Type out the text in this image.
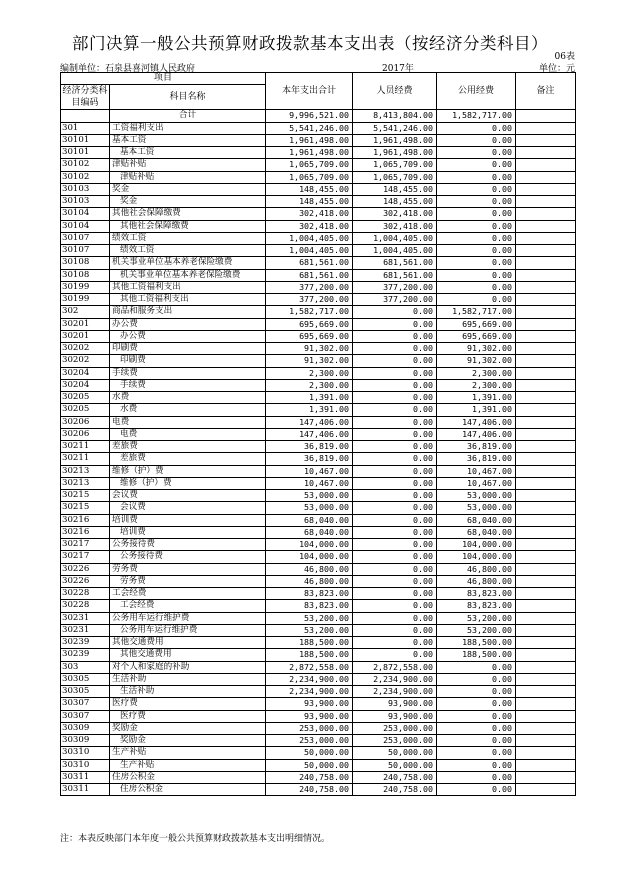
部门决算一般公共预算财政拨款基本支出表（按经济分类科目）
06表
编制单位：石泉县喜河镇人民政府	2017年	单位：元
项目		本年支出合计	人员经费	公用经费	备注
经济分类科目编码	科目名称				

	合计	9,996,521.00	8,413,804.00	1,582,717.00	
301	工资福利支出	5,541,246.00	5,541,246.00	0.00	
30101	基本工资	1,961,498.00	1,961,498.00	0.00	
30101	基本工资	1,961,498.00	1,961,498.00	0.00	
30102	津贴补贴	1,065,709.00	1,065,709.00	0.00	
30102	津贴补贴	1,065,709.00	1,065,709.00	0.00	
30103	奖金	148,455.00	148,455.00	0.00	
30103	奖金	148,455.00	148,455.00	0.00	
30104	其他社会保障缴费	302,418.00	302,418.00	0.00	
30104	其他社会保障缴费	302,418.00	302,418.00	0.00	
30107	绩效工资	1,004,405.00	1,004,405.00	0.00	
30107	绩效工资	1,004,405.00	1,004,405.00	0.00	
30108	机关事业单位基本养老保险缴费	681,561.00	681,561.00	0.00	
30108	机关事业单位基本养老保险缴费	681,561.00	681,561.00	0.00	
30199	其他工资福利支出	377,200.00	377,200.00	0.00	
30199	其他工资福利支出	377,200.00	377,200.00	0.00	
302	商品和服务支出	1,582,717.00	0.00	1,582,717.00	
30201	办公费	695,669.00	0.00	695,669.00	
30201	办公费	695,669.00	0.00	695,669.00	
30202	印刷费	91,302.00	0.00	91,302.00	
30202	印刷费	91,302.00	0.00	91,302.00	
30204	手续费	2,300.00	0.00	2,300.00	
30204	手续费	2,300.00	0.00	2,300.00	
30205	水费	1,391.00	0.00	1,391.00	
30205	水费	1,391.00	0.00	1,391.00	
30206	电费	147,406.00	0.00	147,406.00	
30206	电费	147,406.00	0.00	147,406.00	
30211	差旅费	36,819.00	0.00	36,819.00	
30211	差旅费	36,819.00	0.00	36,819.00	
30213	维修（护）费	10,467.00	0.00	10,467.00	
30213	维修（护）费	10,467.00	0.00	10,467.00	
30215	会议费	53,000.00	0.00	53,000.00	
30215	会议费	53,000.00	0.00	53,000.00	
30216	培训费	68,040.00	0.00	68,040.00	
30216	培训费	68,040.00	0.00	68,040.00	
30217	公务接待费	104,000.00	0.00	104,000.00	
30217	公务接待费	104,000.00	0.00	104,000.00	
30226	劳务费	46,800.00	0.00	46,800.00	
30226	劳务费	46,800.00	0.00	46,800.00	
30228	工会经费	83,823.00	0.00	83,823.00	
30228	工会经费	83,823.00	0.00	83,823.00	
30231	公务用车运行维护费	53,200.00	0.00	53,200.00	
30231	公务用车运行维护费	53,200.00	0.00	53,200.00	
30239	其他交通费用	188,500.00	0.00	188,500.00	
30239	其他交通费用	188,500.00	0.00	188,500.00	
303	对个人和家庭的补助	2,872,558.00	2,872,558.00	0.00	
30305	生活补助	2,234,900.00	2,234,900.00	0.00	
30305	生活补助	2,234,900.00	2,234,900.00	0.00	
30307	医疗费	93,900.00	93,900.00	0.00	
30307	医疗费	93,900.00	93,900.00	0.00	
30309	奖励金	253,000.00	253,000.00	0.00	
30309	奖励金	253,000.00	253,000.00	0.00	
30310	生产补贴	50,000.00	50,000.00	0.00	
30310	生产补贴	50,000.00	50,000.00	0.00	
30311	住房公积金	240,758.00	240,758.00	0.00	
30311	住房公积金	240,758.00	240,758.00	0.00	
注：本表反映部门本年度一般公共预算财政拨款基本支出明细情况。
